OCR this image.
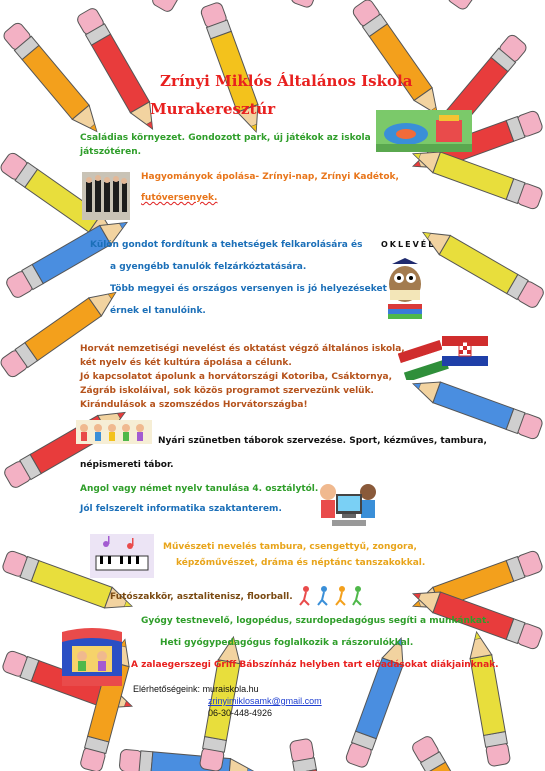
Zrínyi Miklós Általános Iskola
Murakeresztúr
Családias környezet. Gondozott park, új játékok az iskola
játszótéren.
Hagyományok ápolása- Zrínyi-nap, Zrínyi Kadétok,
futóversenyek.
Külön gondot fordítunk a tehetségek felkarolására és
a gyengébb tanulók felzárkóztatására.
Több megyei és országos versenyen is jó helyezéseket
érnek el tanulóink.
OKLEVÉL
Horvát nemzetiségi nevelést és oktatást végző általános iskola,
két nyelv és két kultúra ápolása a célunk.
Jó kapcsolatot ápolunk a horvátországi Kotoriba, Csáktornya,
Zágráb iskoláival, sok közös programot szervezünk velük.
Kirándulások a szomszédos Horvátországba!
Nyári szünetben táborok szervezése. Sport, kézműves, tambura,
népismereti tábor.
Angol vagy német nyelv tanulása 4. osztálytól.
Jól felszerelt informatika szaktanterem.
Művészeti nevelés tambura, csengettyű, zongora,
képzőművészet, dráma és néptánc tanszakokkal.
Futószakkör, asztalitenisz, floorball.
Gyógy testnevelő, logopédus, szurdopedagógus segíti a munkánkat.
Heti gyógypedagógus foglalkozik a rászorulókkal.
A zalaegerszegi Griff Bábszínház helyben tart előadásokat diákjainknak.
Elérhetőségeink: muraiskola.hu
zrinyimiklosamk@gmail.com
06-30-448-4926
